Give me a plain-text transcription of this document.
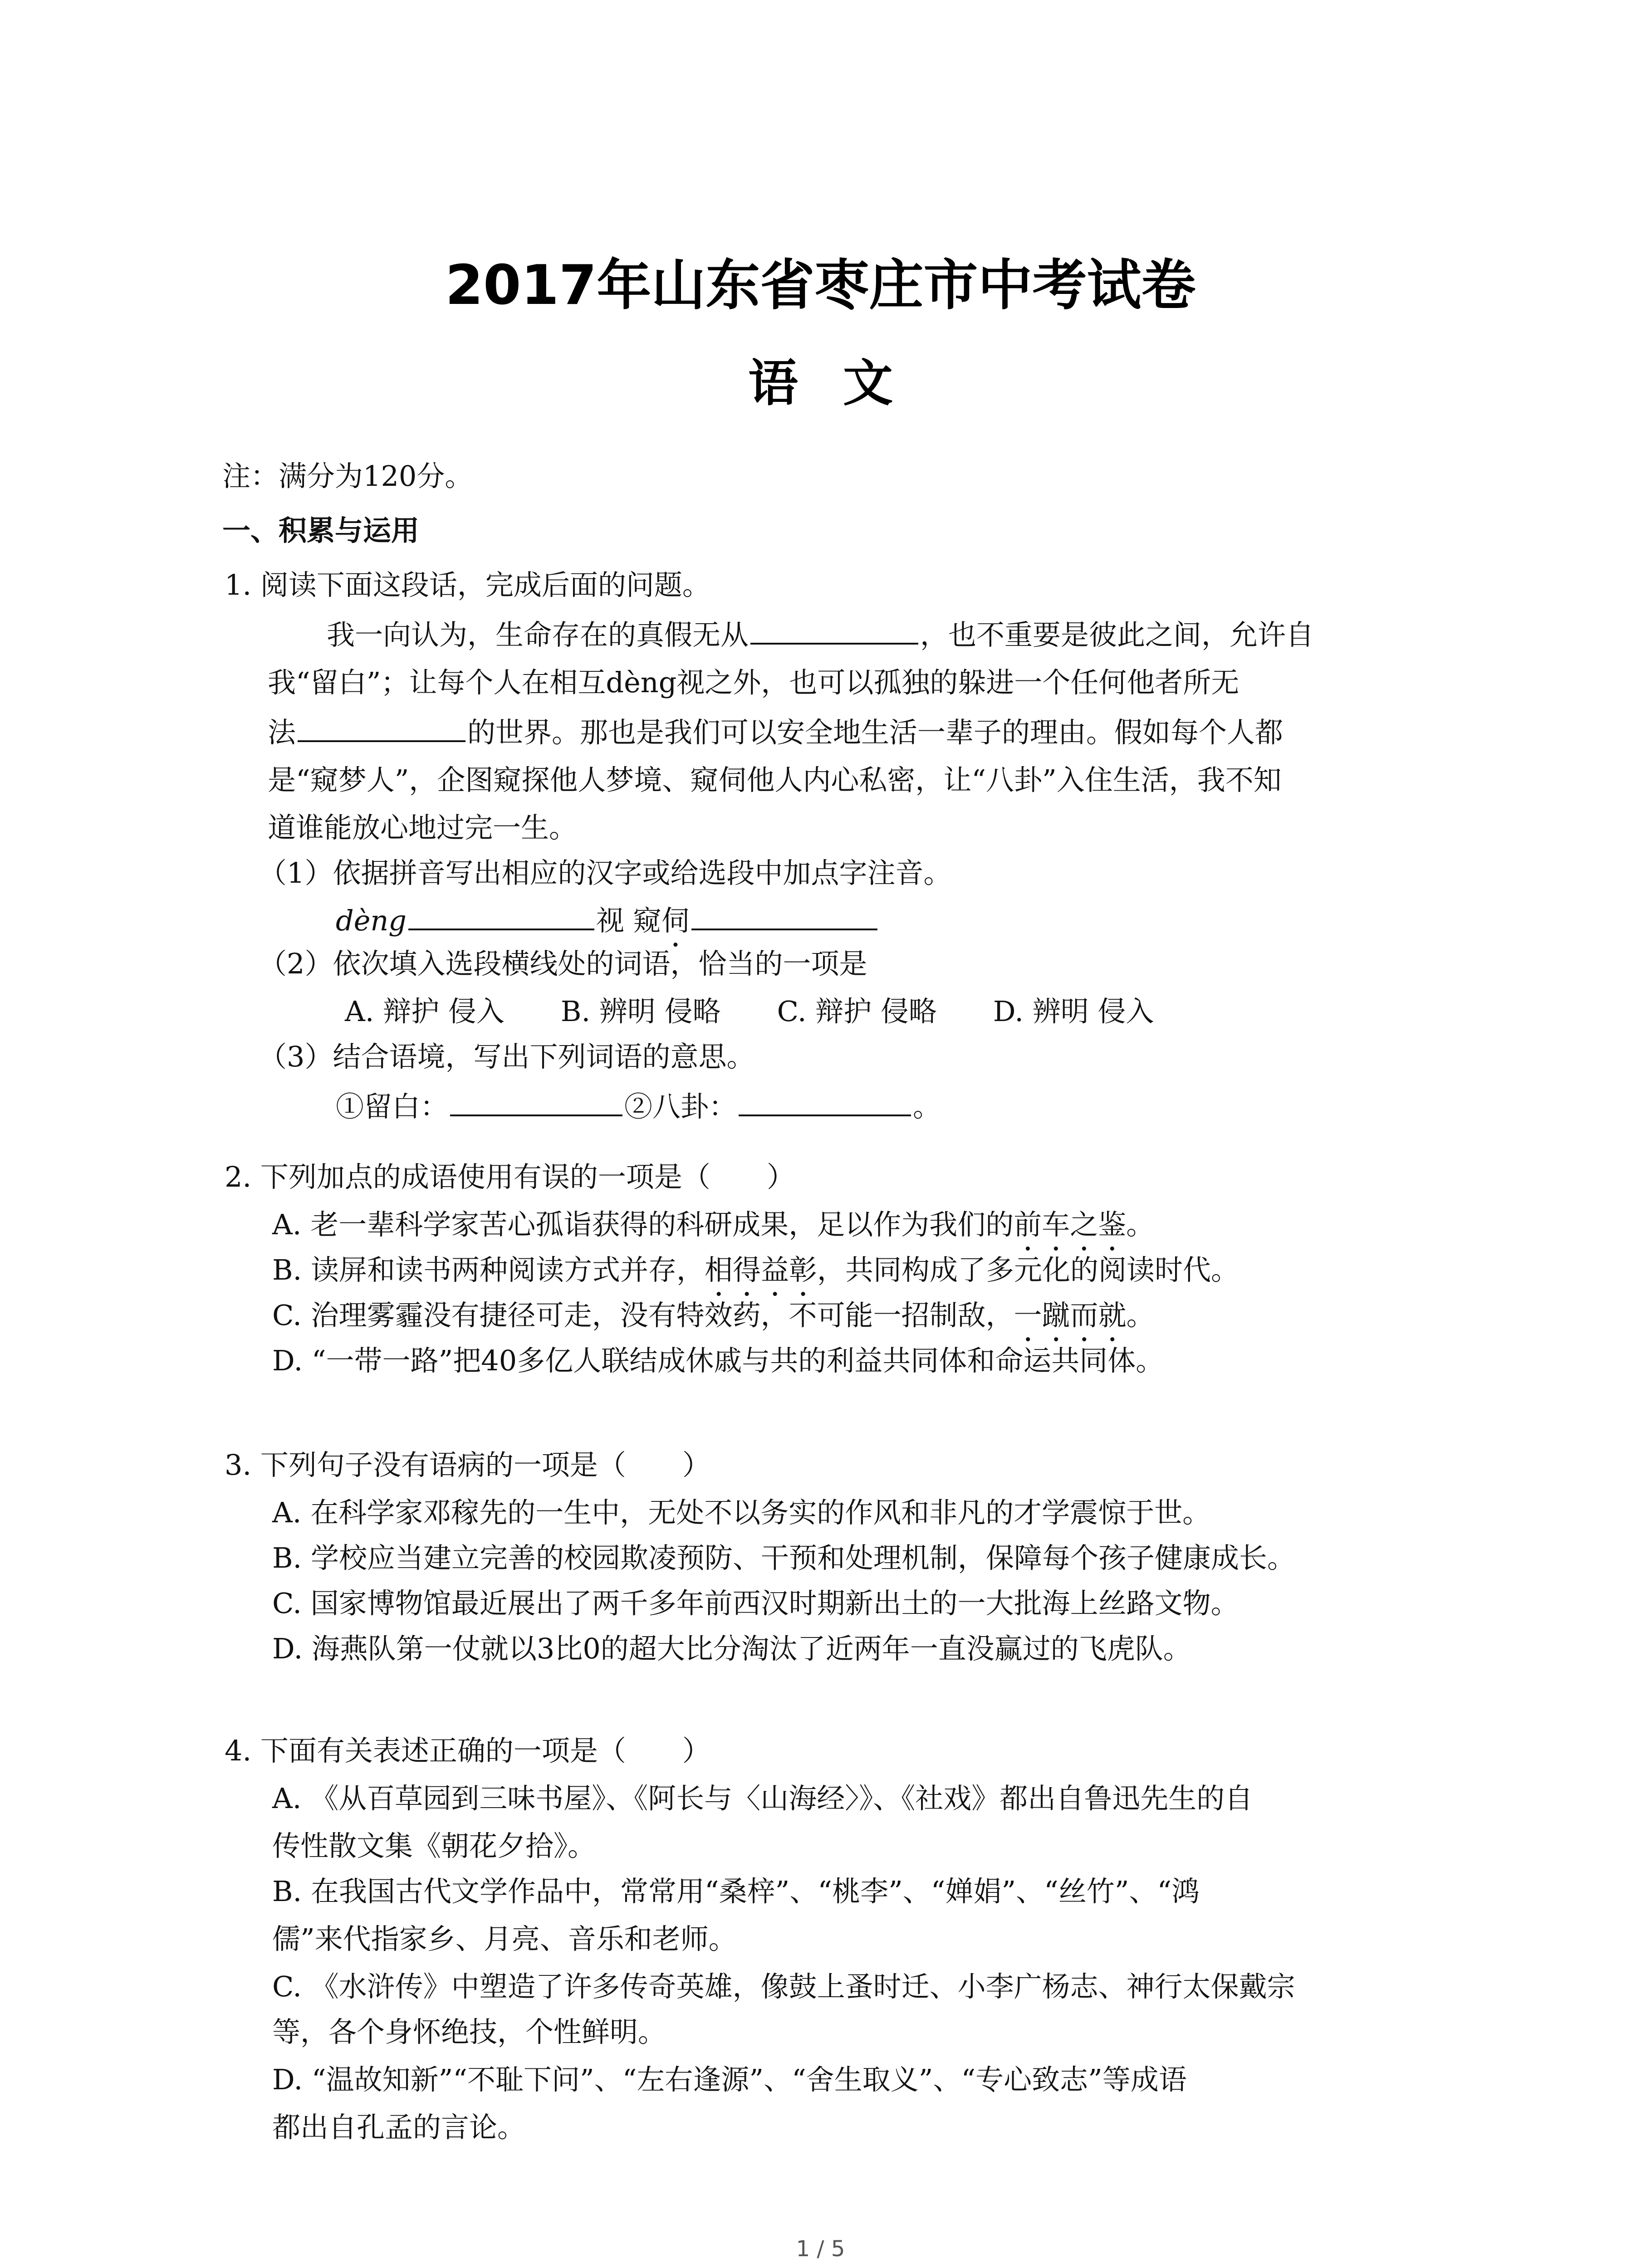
2017年山东省枣庄市中考试卷
语文
注：满分为120分。
一、积累与运用
1. 阅读下面这段话，完成后面的问题。
我一向认为，生命存在的真假无从	，也不重要是彼此之间，允许自
我“留白”；让每个人在相互dèng视之外，也可以孤独的躲进一个任何他者所无
法	的世界。那也是我们可以安全地生活一辈子的理由。假如每个人都
是“窥梦人”，企图窥探他人梦境、窥伺他人内心私密，让“八卦”入住生活，我不知
道谁能放心地过完一生。
（1）依据拼音写出相应的汉字或给选段中加点字注音。
dèng	视 窥伺
（2）依次填入选段横线处的词语，恰当的一项是
A. 辩护 侵入　　B. 辨明 侵略　　C. 辩护 侵略　　D. 辨明 侵入
（3）结合语境，写出下列词语的意思。
①留白：	②八卦：	。
2. 下列加点的成语使用有误的一项是（　　）
A. 老一辈科学家苦心孤诣获得的科研成果，足以作为我们的前车之鉴。
B. 读屏和读书两种阅读方式并存，相得益彰，共同构成了多元化的阅读时代。
C. 治理雾霾没有捷径可走，没有特效药，不可能一招制敌，一蹴而就。
D. “一带一路”把40多亿人联结成休戚与共的利益共同体和命运共同体。
3. 下列句子没有语病的一项是（　　）
A. 在科学家邓稼先的一生中，无处不以务实的作风和非凡的才学震惊于世。
B. 学校应当建立完善的校园欺凌预防、干预和处理机制，保障每个孩子健康成长。
C. 国家博物馆最近展出了两千多年前西汉时期新出土的一大批海上丝路文物。
D. 海燕队第一仗就以3比0的超大比分淘汰了近两年一直没赢过的飞虎队。
4. 下面有关表述正确的一项是（　　）
A. 《从百草园到三味书屋》、《阿长与〈山海经〉》、《社戏》都出自鲁迅先生的自
传性散文集《朝花夕拾》。
B. 在我国古代文学作品中，常常用“桑梓”、“桃李”、“婵娟”、“丝竹”、“鸿
儒”来代指家乡、月亮、音乐和老师。
C. 《水浒传》中塑造了许多传奇英雄，像鼓上蚤时迁、小李广杨志、神行太保戴宗
等，各个身怀绝技，个性鲜明。
D. “温故知新”“不耻下问”、“左右逢源”、“舍生取义”、“专心致志”等成语
都出自孔孟的言论。
1 / 5
